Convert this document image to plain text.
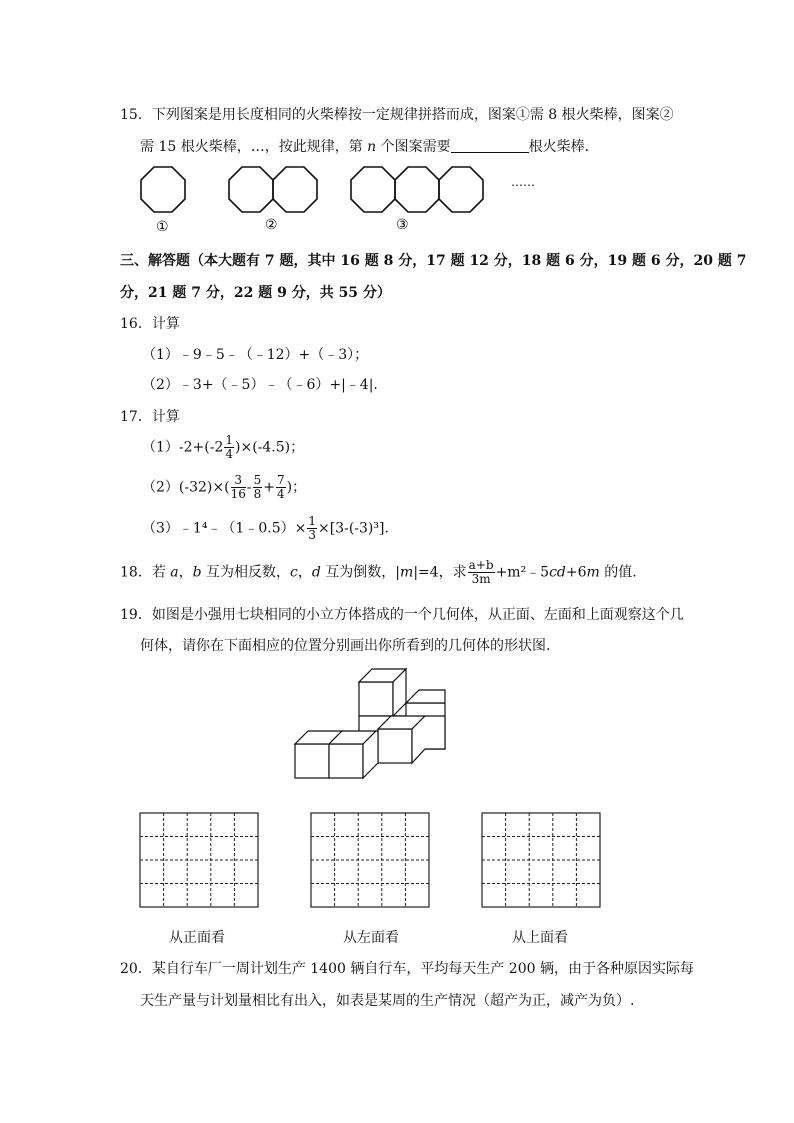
15．下列图案是用长度相同的火柴棒按一定规律拼搭而成，图案①需 8 根火柴棒，图案②
需 15 根火柴棒，…，按此规律，第 n 个图案需要	根火柴棒．
……
①	②	③
三、解答题（本大题有 7 题，其中 16 题 8 分，17 题 12 分，18 题 6 分，19 题 6 分，20 题 7
分，21 题 7 分，22 题 9 分，共 55 分）
16．计算
（1）﹣9﹣5﹣（﹣12）+（﹣3）；
（2）﹣3+（﹣5）﹣（﹣6）+|﹣4|.
17．计算
$(1)-2+(-2 \frac{1}{4} )\times(-4.5)$；
$(2)(-32)\times( \frac{3}{16} - \frac{5}{8} + \frac{7}{4}$ )；
（3）﹣1⁴﹣（1﹣0.5）× $\frac{1}{3} \times[3-(-3)^3]$.
18．若 a，b 互为相反数，c，d 互为倒数，|m|=4，求 $\frac{a+b}{3m}$ +m²﹣5cd+6m 的值.
19．如图是小强用七块相同的小立方体搭成的一个几何体，从正面、左面和上面观察这个几
何体，请你在下面相应的位置分别画出你所看到的几何体的形状图.
从正面看	从左面看	从上面看
20．某自行车厂一周计划生产 1400 辆自行车，平均每天生产 200 辆，由于各种原因实际每
天生产量与计划量相比有出入，如表是某周的生产情况（超产为正，减产为负）.
